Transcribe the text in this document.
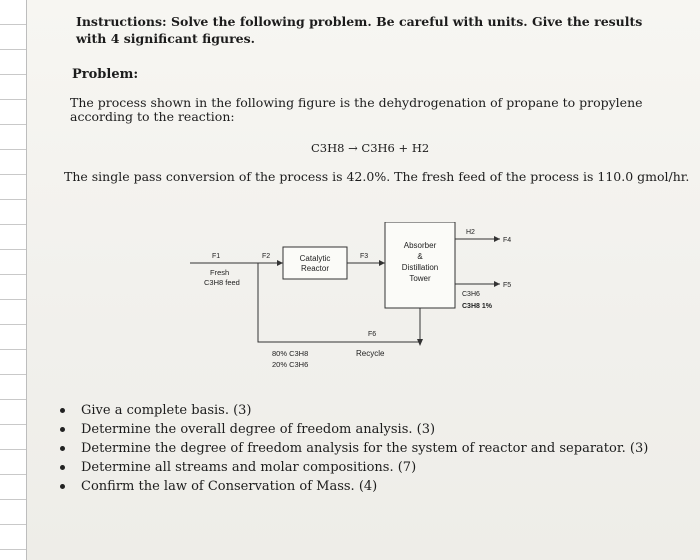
Instructions: Solve the following problem. Be careful with units. Give the results with 4 significant figures.
Problem:
The process shown in the following figure is the dehydrogenation of propane to propylene according to the reaction:
C3H8 → C3H6 + H2
The single pass conversion of the process is 42.0%. The fresh feed of the process is 110.0 gmol/hr.
F1
Fresh
C3H8 feed
F2	Catalytic
Reactor
F3
Absorber
&
Distillation
Tower
H2
F4
F5
C3H6
C3H8 1%
F6
Recycle
80% C3H8
20% C3H6
Give a complete basis. (3)
Determine the overall degree of freedom analysis. (3)
Determine the degree of freedom analysis for the system of reactor and separator. (3)
Determine all streams and molar compositions. (7)
Confirm the law of Conservation of Mass. (4)
